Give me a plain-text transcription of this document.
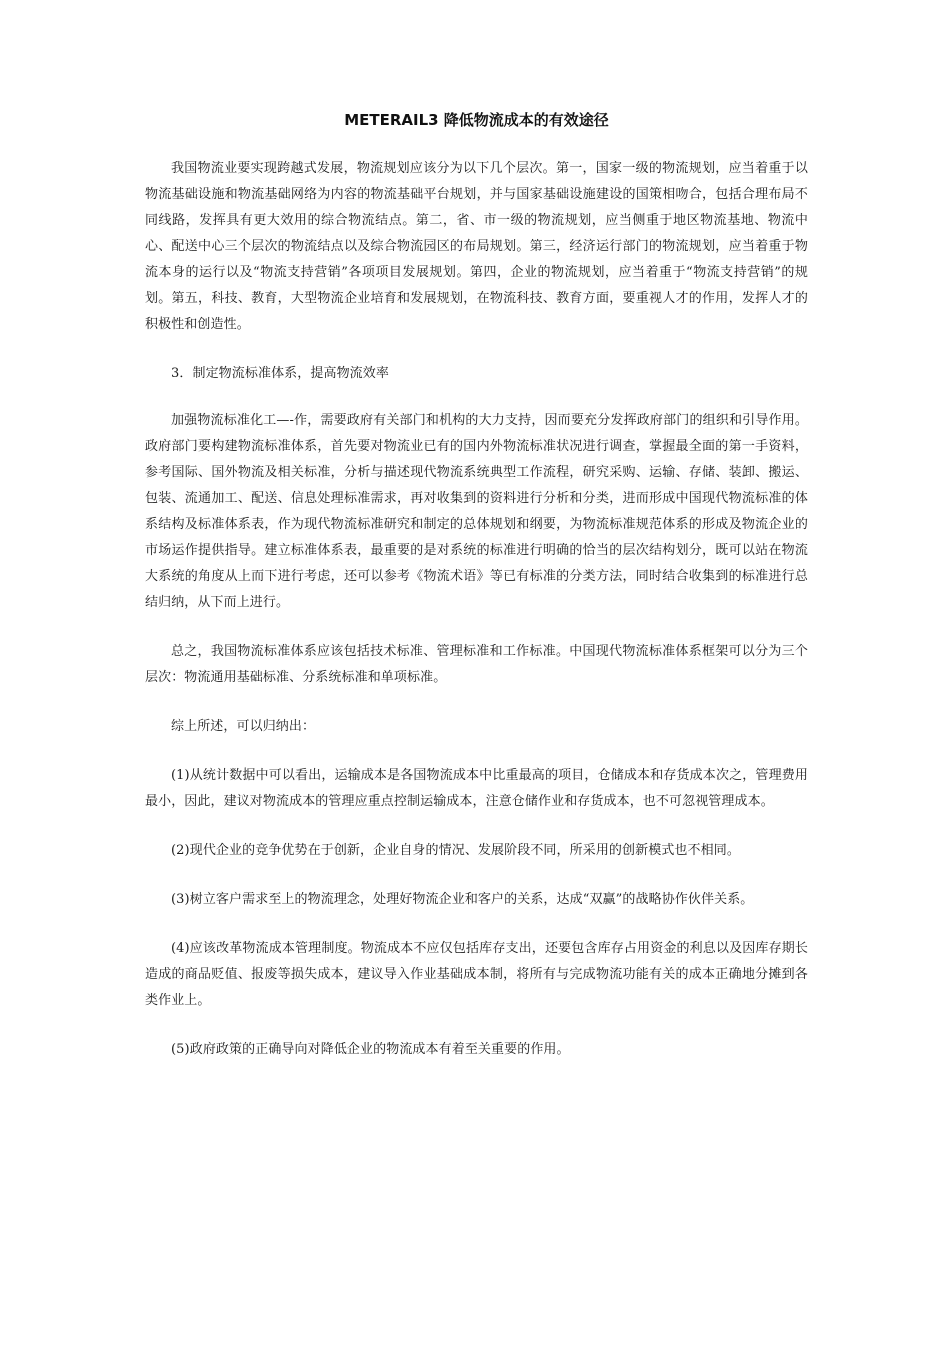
METERAIL3 降低物流成本的有效途径

我国物流业要实现跨越式发展，物流规划应该分为以下几个层次。第一，国家一级的物流规划，应当着重于以物流基础设施和物流基础网络为内容的物流基础平台规划，并与国家基础设施建设的国策相吻合，包括合理布局不同线路，发挥具有更大效用的综合物流结点。第二，省、市一级的物流规划，应当侧重于地区物流基地、物流中心、配送中心三个层次的物流结点以及综合物流园区的布局规划。第三，经济运行部门的物流规划，应当着重于物流本身的运行以及“物流支持营销”各项项目发展规划。第四，企业的物流规划，应当着重于“物流支持营销”的规划。第五，科技、教育，大型物流企业培育和发展规划，在物流科技、教育方面，要重视人才的作用，发挥人才的积极性和创造性。

3．制定物流标准体系，提高物流效率

加强物流标准化工—-作，需要政府有关部门和机构的大力支持，因而要充分发挥政府部门的组织和引导作用。政府部门要构建物流标准体系，首先要对物流业已有的国内外物流标准状况进行调查，掌握最全面的第一手资料，参考国际、国外物流及相关标准，分析与描述现代物流系统典型工作流程，研究采购、运输、存储、装卸、搬运、包装、流通加工、配送、信息处理标准需求，再对收集到的资料进行分析和分类，进而形成中国现代物流标准的体系结构及标准体系表，作为现代物流标准研究和制定的总体规划和纲要，为物流标准规范体系的形成及物流企业的市场运作提供指导。建立标准体系表，最重要的是对系统的标准进行明确的恰当的层次结构划分，既可以站在物流大系统的角度从上而下进行考虑，还可以参考《物流术语》等已有标准的分类方法，同时结合收集到的标准进行总结归纳，从下而上进行。

总之，我国物流标准体系应该包括技术标准、管理标准和工作标准。中国现代物流标准体系框架可以分为三个层次：物流通用基础标准、分系统标准和单项标准。

综上所述，可以归纳出：

(1)从统计数据中可以看出，运输成本是各国物流成本中比重最高的项目，仓储成本和存货成本次之，管理费用最小，因此，建议对物流成本的管理应重点控制运输成本，注意仓储作业和存货成本，也不可忽视管理成本。

(2)现代企业的竞争优势在于创新，企业自身的情况、发展阶段不同，所采用的创新模式也不相同。

(3)树立客户需求至上的物流理念，处理好物流企业和客户的关系，达成“双赢”的战略协作伙伴关系。

(4)应该改革物流成本管理制度。物流成本不应仅包括库存支出，还要包含库存占用资金的利息以及因库存期长造成的商品贬值、报废等损失成本，建议导入作业基础成本制，将所有与完成物流功能有关的成本正确地分摊到各类作业上。

(5)政府政策的正确导向对降低企业的物流成本有着至关重要的作用。
